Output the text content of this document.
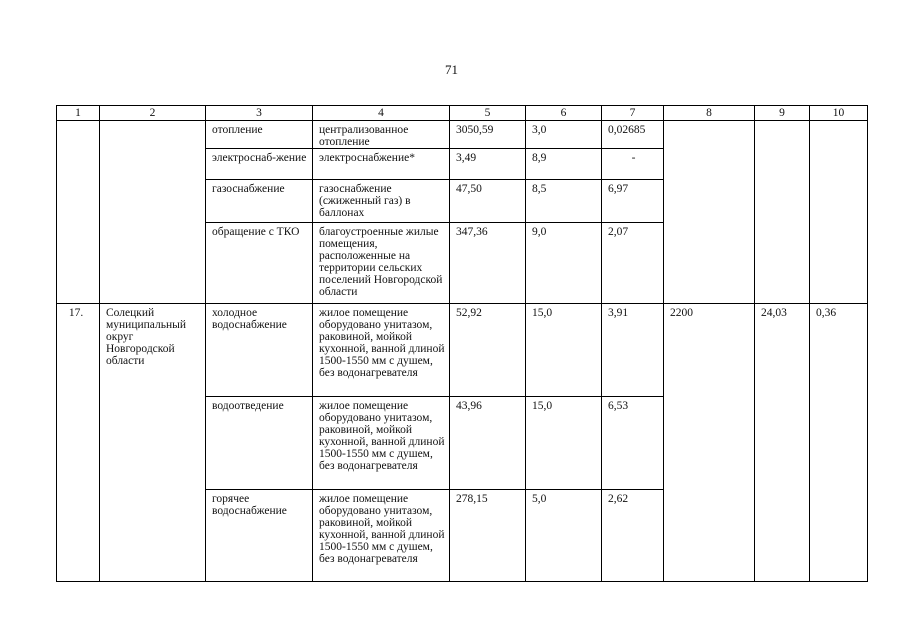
71
1	2	3	4	5	6	7	8	9	10
		отопление	централизованное отопление	3050,59	3,0	0,02685			
		электроснаб-жение	электроснабжение*	3,49	8,9	-			
		газоснабжение	газоснабжение (сжиженный газ) в баллонах	47,50	8,5	6,97			
		обращение с ТКО	благоустроенные жилые помещения, расположенные на территории сельских поселений Новгородской области	347,36	9,0	2,07			
17.	Солецкий муниципальный округ Новгородской области	холодное водоснабжение	жилое помещение оборудовано унитазом, раковиной, мойкой кухонной, ванной длиной 1500-1550 мм с душем, без водонагревателя	52,92	15,0	3,91	2200	24,03	0,36
		водоотведение	жилое помещение оборудовано унитазом, раковиной, мойкой кухонной, ванной длиной 1500-1550 мм с душем, без водонагревателя	43,96	15,0	6,53			
		горячее водоснабжение	жилое помещение оборудовано унитазом, раковиной, мойкой кухонной, ванной длиной 1500-1550 мм с душем, без водонагревателя	278,15	5,0	2,62			
